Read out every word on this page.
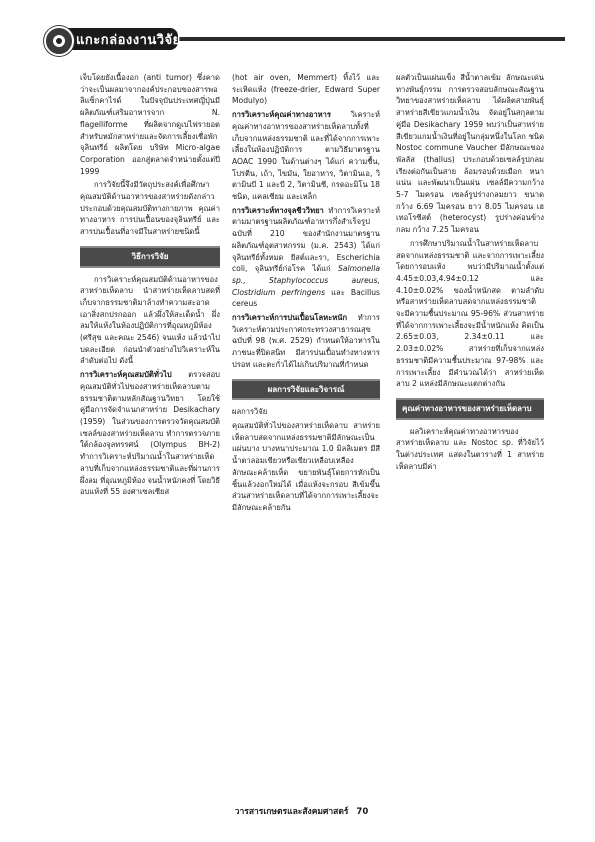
แกะกล่องงานวิจัย

เจ็บโดยยังเนื้องอก (anti tumor) ซึ่งคาดว่าจะเป็นผลมาจากองค์ประกอบของสารพอลิแซ็กคาไรด์ ในปัจจุบันประเทศญี่ปุ่นมีผลิตภัณฑ์เสริมอาหารจาก N. flagelliforme ที่ผลิตจากดูเบไฟรายอตสำหรับหมักสาหร่ายและจัดการเลี้ยงเชื่อพักจุลินทรีย์ ผลิตโดย บริษัท Micro-algae Corporation ออกสู่ตลาดจำหน่ายตั้งแต่ปี 1999

การวิจัยนี้จึงมีวัตถุประสงค์เพื่อศึกษาคุณสมบัติด้านอาหารของสาหร่ายดังกล่าว ประกอบด้วยคุณสมบัติทางกายภาพ คุณค่าทางอาหาร การปนเปื้อนของจุลินทรีย์ และสารปนเปื้อนที่อาจมีในสาหร่ายชนิดนี้

วิธีการวิจัย

การวิเคราะห์คุณสมบัติด้านอาหารของสาหร่ายเห็ดลาบ นำสาหร่ายเห็ดลาบสดที่เก็บจากธรรมชาติมาล้างทำความสะอาดเอาสิ่งสกปรกออก แล้วผึ่งให้สะเด็ดน้ำ ผึ่งลมให้แห้งในห้องปฏิบัติการที่อุณหภูมิห้อง (ศรีสุข และคณะ 2546) จนแห้ง แล้วนำไปบดละเอียด ก่อนนำตัวอย่างไปวิเคราะห์ในลำดับต่อไป ดังนี้

การวิเคราะห์คุณสมบัติทั่วไป ตรวจสอบคุณสมบัติทั่วไปของสาหร่ายเห็ดลาบตามธรรมชาติตามหลักสัณฐานวิทยา โดยใช้คู่มือการจัดจำแนกสาหร่าย Desikachary (1959) ในส่วนของการตรวจวัดคุณสมบัติเซลล์ของสาหร่ายเห็ดลาบ ทำการตรวจภายใต้กล้องจุลทรรศน์ (Olympus BH-2) ทำการวิเคราะห์ปริมาณน้ำในสาหร่ายเห็ดลาบที่เก็บจากแหล่งธรรมชาติและที่ผ่านการผึ่งลม ที่อุณหภูมิห้อง จนน้ำหนักคงที่ โดยวิธีอบแห้งที่ 55 องศาเซลเซียส

(hot air oven, Memmert) ทิ้งไว้ และระเหิดแห้ง (freeze-drier, Edward Super Modulyo)

การวิเคราะห์คุณค่าทางอาหาร วิเคราะห์คุณค่าทางอาหารของสาหร่ายเห็ดลาบทั้งที่เก็บจากแหล่งธรรมชาติ และที่ได้จากการเพาะเลี้ยงในห้องปฏิบัติการ ตามวิธีมาตรฐาน AOAC 1990 ในด้านต่างๆ ได้แก่ ความชื้น, โปรตีน, เถ้า, ไขมัน, ใยอาหาร, วิตามินเอ, วิตามินบี 1 และบี 2, วิตามินซี, กรดอะมิโน 18 ชนิด, แคลเซียม และเหล็ก

การวิเคราะห์ทางจุลชีววิทยา ทำการวิเคราะห์ตามมาตรฐานผลิตภัณฑ์อาหารกึ่งสำเร็จรูป ฉบับที่ 210 ของสำนักงานมาตรฐานผลิตภัณฑ์อุตสาหกรรม (ม.ค. 2543) ได้แก่ จุลินทรีย์ทั้งหมด ยีสต์และรา, Escherichia coli, จุลินทรีย์ก่อโรค ได้แก่ Salmonella sp., Staphylococcus aureus, Clostridium perfringens และ Bacillus cereus

การวิเคราะห์การปนเปื้อนโลหะหนัก ทำการวิเคราะห์ตามประกาศกระทรวงสาธารณสุข ฉบับที่ 98 (พ.ศ. 2529) กำหนดให้อาหารในภาชนะที่ปิดสนิท มีสารปนเปื้อนทำงทางหารปรอท และตะกั่วได้ไม่เกินปริมาณที่กำหนด

ผลการวิจัยและวิจารณ์

ผลการวิจัย

คุณสมบัติทั่วไปของสาหร่ายเห็ดลาบ สาหร่ายเห็ดลาบสดจากแหล่งธรรมชาติมีลักษณะเป็นแผ่นบาง บางหนาประมาณ 1.0 มิลลิเมตร มีสีน้ำตาลอมเขียวหรือเขียวเหลือบเหลือง ลักษณะคล้ายเห็ด ขยายพันธุ์โดยการหักเป็นชิ้นแล้วงอกใหม่ได้ เมื่อแห้งจะกรอบ สีเข้มขึ้น ส่วนสาหร่ายเห็ดลาบที่ได้จากการเพาะเลี้ยงจะมีลักษณะคล้ายกัน

ผลตัวเป็นแผ่นแข็ง สีน้ำตาลเข้ม ลักษณะเด่นทางพันธุ์กรรม การตรวจสอบลักษณะสัณฐานวิทยาของสาหร่ายเห็ดลาบ ได้ผลิตสายพันธุ์สาหร่ายสีเขียวแกมน้ำเงิน จัดอยู่ในสกุลตามคู่มือ Desikachary 1959 พบว่าเป็นสาหร่ายสีเขียวแกมน้ำเงินที่อยู่ในกลุ่มหนึ่งในโลก ชนิด Nostoc commune Vaucher มีลักษณะของพัลลัส (thallus) ประกอบด้วยเซลล์รูปกลมเรียงต่อกันเป็นสาย ล้อมรอบด้วยเมือก หนาแน่น และพัฒนาเป็นแผ่น เซลล์มีความกว้าง 5-7 ไมครอน เซลล์รูปร่างกลมยาว ขนาดกว้าง 6.69 ไมครอน ยาว 8.05 ไมครอน เฮเทอโรซีสต์ (heterocyst) รูปร่างค่อนข้างกลม กว้าง 7.25 ไมครอน

การศึกษาปริมาณน้ำในสาหร่ายเห็ดลาบสดจากแหล่งธรรมชาติ และจากการเพาะเลี้ยง โดยการอบแห้ง พบว่ามีปริมาณน้ำตั้งแต่ 4.45±0.03,4.94±0.12 และ 4.10±0.02% ของน้ำหนักสด ตามลำดับ หรือสาหร่ายเห็ดลาบสดจากแหล่งธรรมชาติจะมีความชื้นประมาณ 95-96% ส่วนสาหร่ายที่ได้จากการเพาะเลี้ยงจะมีน้ำหนักแห้ง คิดเป็น 2.65±0.03, 2.34±0.11 และ 2.03±0.02% สาหร่ายที่เก็บจากแหล่งธรรมชาติมีความชื้นประมาณ 97-98% และการเพาะเลี้ยง มีคำนวณได้ว่า สาหร่ายเห็ดลาบ 2 แหล่งมีลักษณะแตกต่างกัน

คุณค่าทางอาหารของสาหร่ายเห็ดลาบ

ผลวิเคราะห์คุณค่าทางอาหารของสาหร่ายเห็ดลาบ และ Nostoc sp. ที่วิจัยไว้ในต่างประเทศ แสดงในตารางที่ 1 สาหร่ายเห็ดลาบมีค่า

วารสารเกษตรและสังคมศาสตร์ 70
